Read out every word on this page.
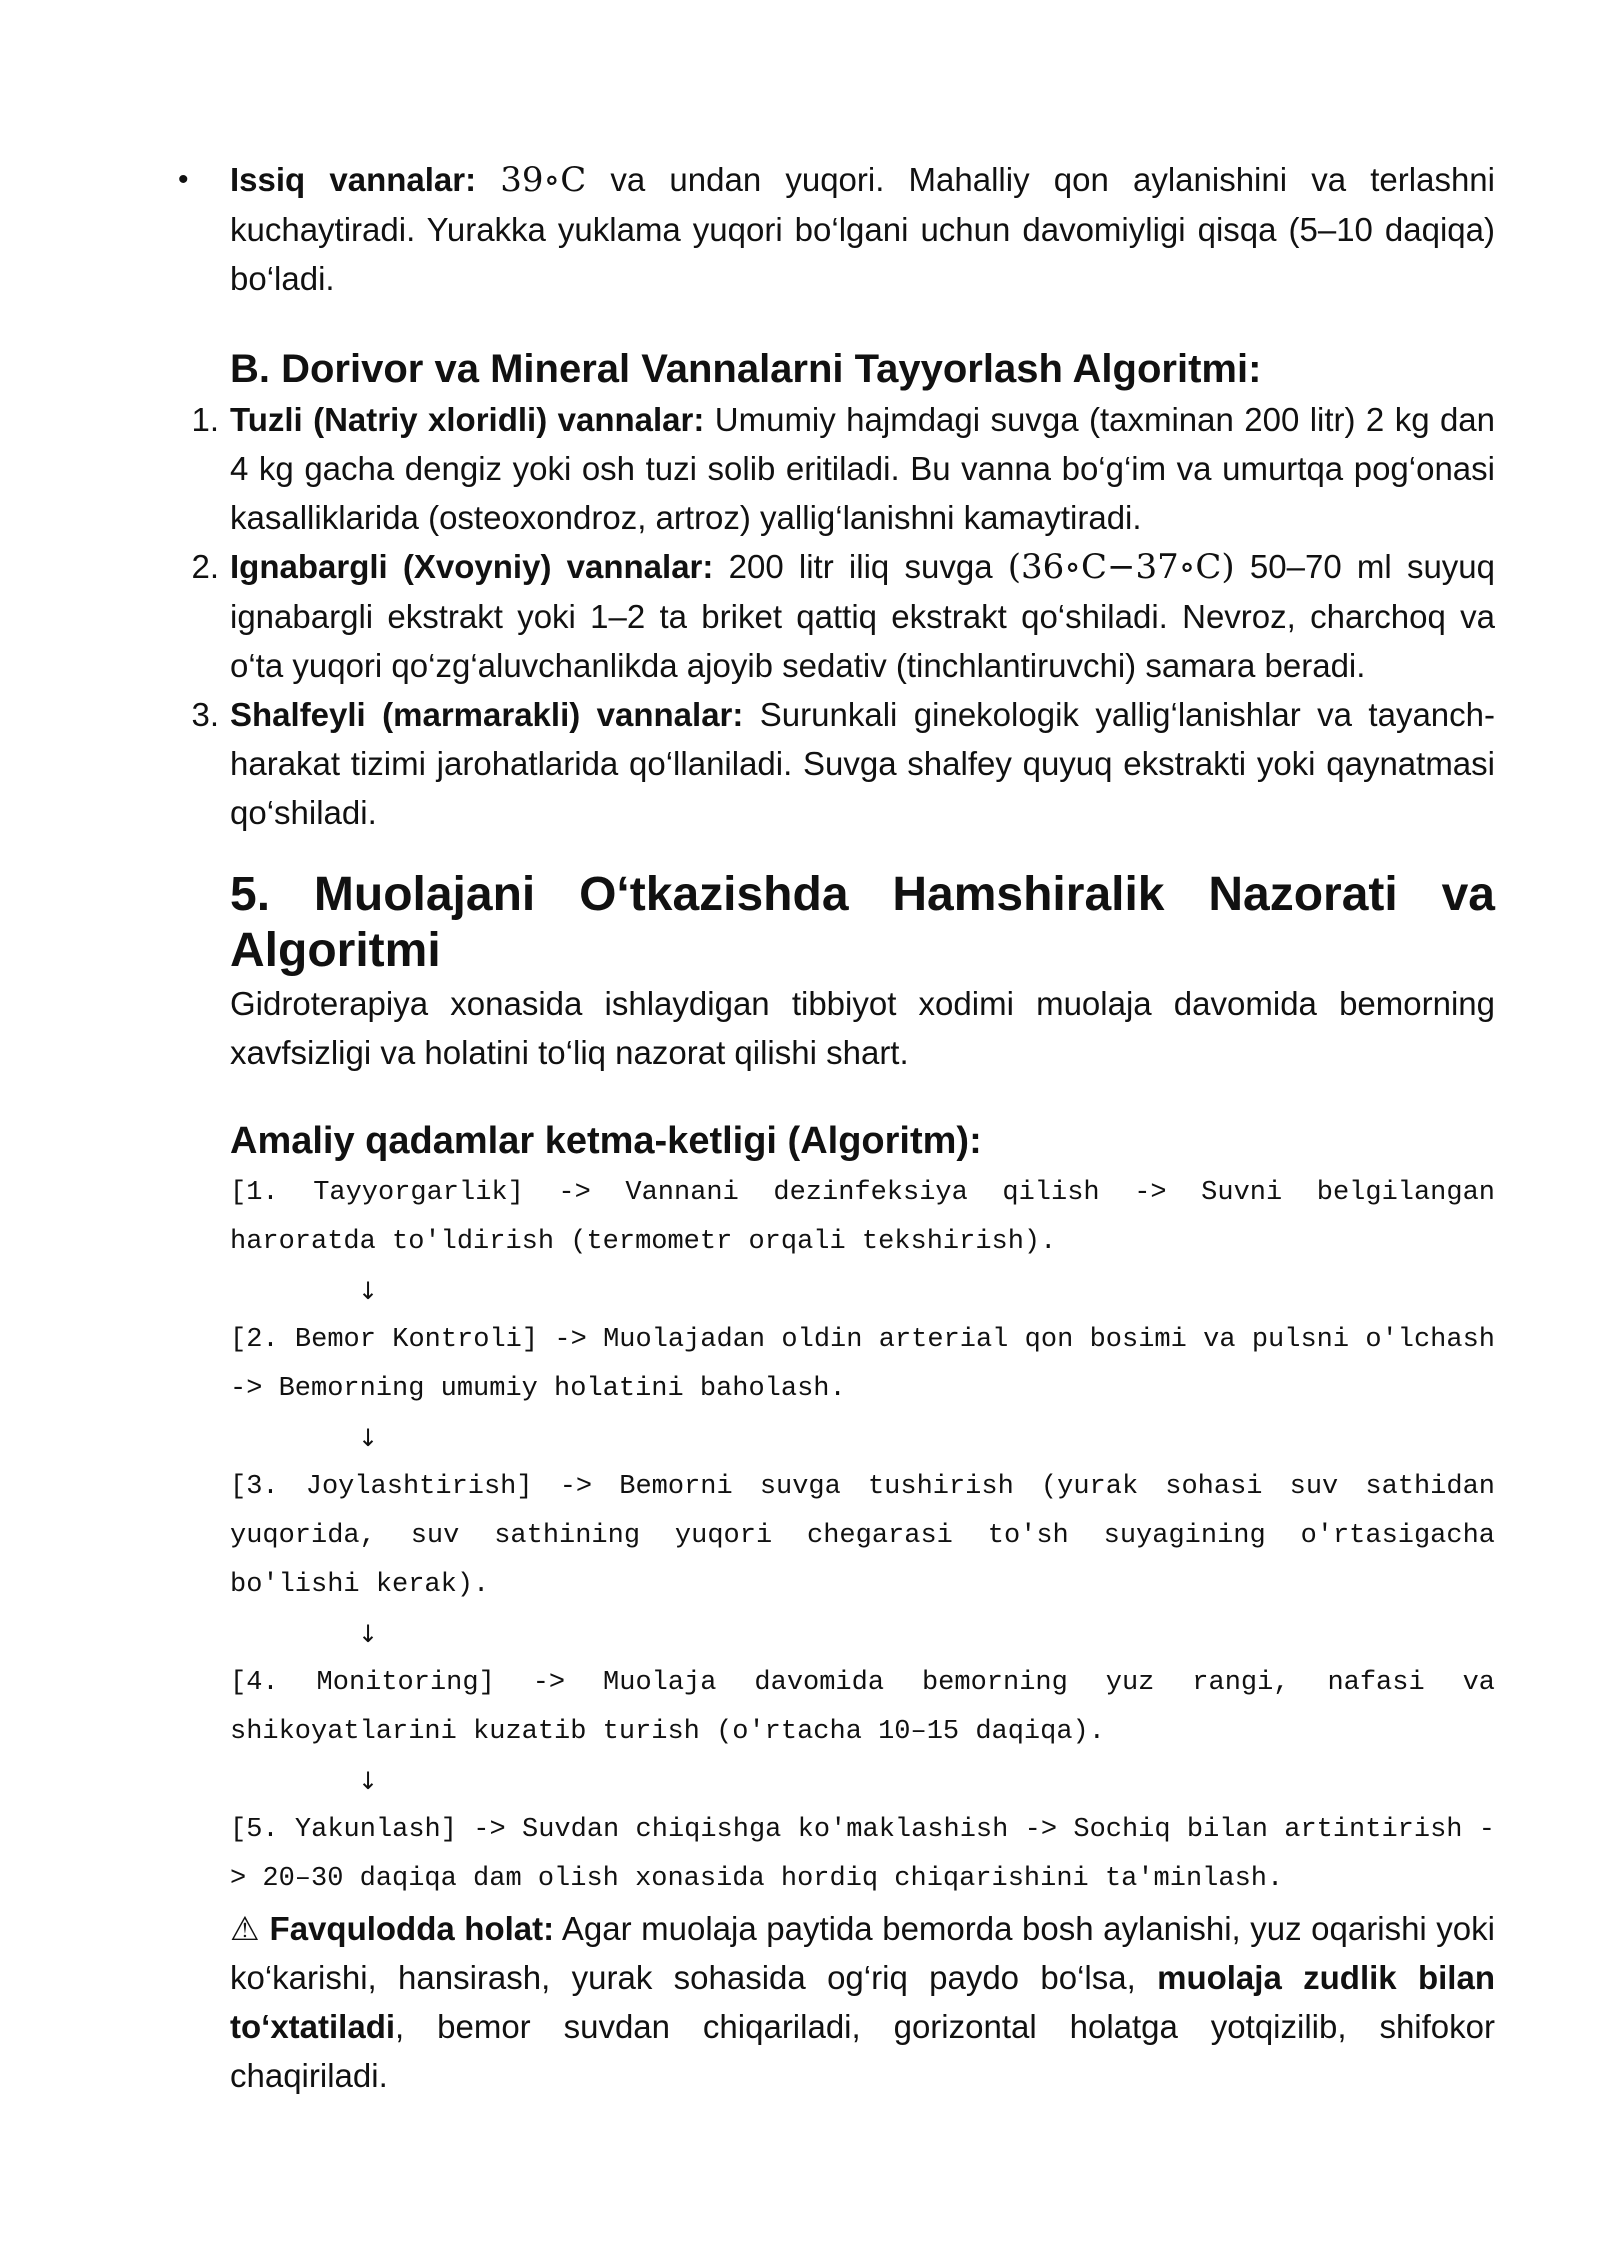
• Issiq vannalar: 39∘C va undan yuqori. Mahalliy qon aylanishini va terlashni kuchaytiradi. Yurakka yuklama yuqori bo‘lgani uchun davomiyligi qisqa (5–10 daqiqa) bo‘ladi.
B. Dorivor va Mineral Vannalarni Tayyorlash Algoritmi:
1. Tuzli (Natriy xloridli) vannalar: Umumiy hajmdagi suvga (taxminan 200 litr) 2 kg dan 4 kg gacha dengiz yoki osh tuzi solib eritiladi. Bu vanna bo‘g‘im va umurtqa pog‘onasi kasalliklarida (osteoxondroz, artroz) yallig‘lanishni kamaytiradi.
2. Ignabargli (Xvoyniy) vannalar: 200 litr iliq suvga (36∘C−37∘C) 50–70 ml suyuq ignabargli ekstrakt yoki 1–2 ta briket qattiq ekstrakt qo‘shiladi. Nevroz, charchoq va o‘ta yuqori qo‘zg‘aluvchanlikda ajoyib sedativ (tinchlantiruvchi) samara beradi.
3. Shalfeyli (marmarakli) vannalar: Surunkali ginekologik yallig‘lanishlar va tayanch-harakat tizimi jarohatlarida qo‘llaniladi. Suvga shalfey quyuq ekstrakti yoki qaynatmasi qo‘shiladi.
5. Muolajani O‘tkazishda Hamshiralik Nazorati va Algoritmi

Gidroterapiya xonasida ishlaydigan tibbiyot xodimi muolaja davomida bemorning xavfsizligi va holatini to‘liq nazorat qilishi shart.

Amaliy qadamlar ketma-ketligi (Algoritm):
[1. Tayyorgarlik] -> Vannani dezinfeksiya qilish -> Suvni belgilangan haroratda to'ldirish (termometr orqali tekshirish).
↓
[2. Bemor Kontroli] -> Muolajadan oldin arterial qon bosimi va pulsni o'lchash -> Bemorning umumiy holatini baholash.
↓
[3. Joylashtirish] -> Bemorni suvga tushirish (yurak sohasi suv sathidan yuqorida, suv sathining yuqori chegarasi to'sh suyagining o'rtasigacha bo'lishi kerak).
↓
[4. Monitoring] -> Muolaja davomida bemorning yuz rangi, nafasi va shikoyatlarini kuzatib turish (o'rtacha 10–15 daqiqa).
↓
[5. Yakunlash] -> Suvdan chiqishga ko'maklashish -> Sochiq bilan artintirish -> 20–30 daqiqa dam olish xonasida hordiq chiqarishini ta'minlash.

⚠ Favqulodda holat: Agar muolaja paytida bemorda bosh aylanishi, yuz oqarishi yoki ko‘karishi, hansirash, yurak sohasida og‘riq paydo bo‘lsa, muolaja zudlik bilan to‘xtatiladi, bemor suvdan chiqariladi, gorizontal holatga yotqizilib, shifokor chaqiriladi.
